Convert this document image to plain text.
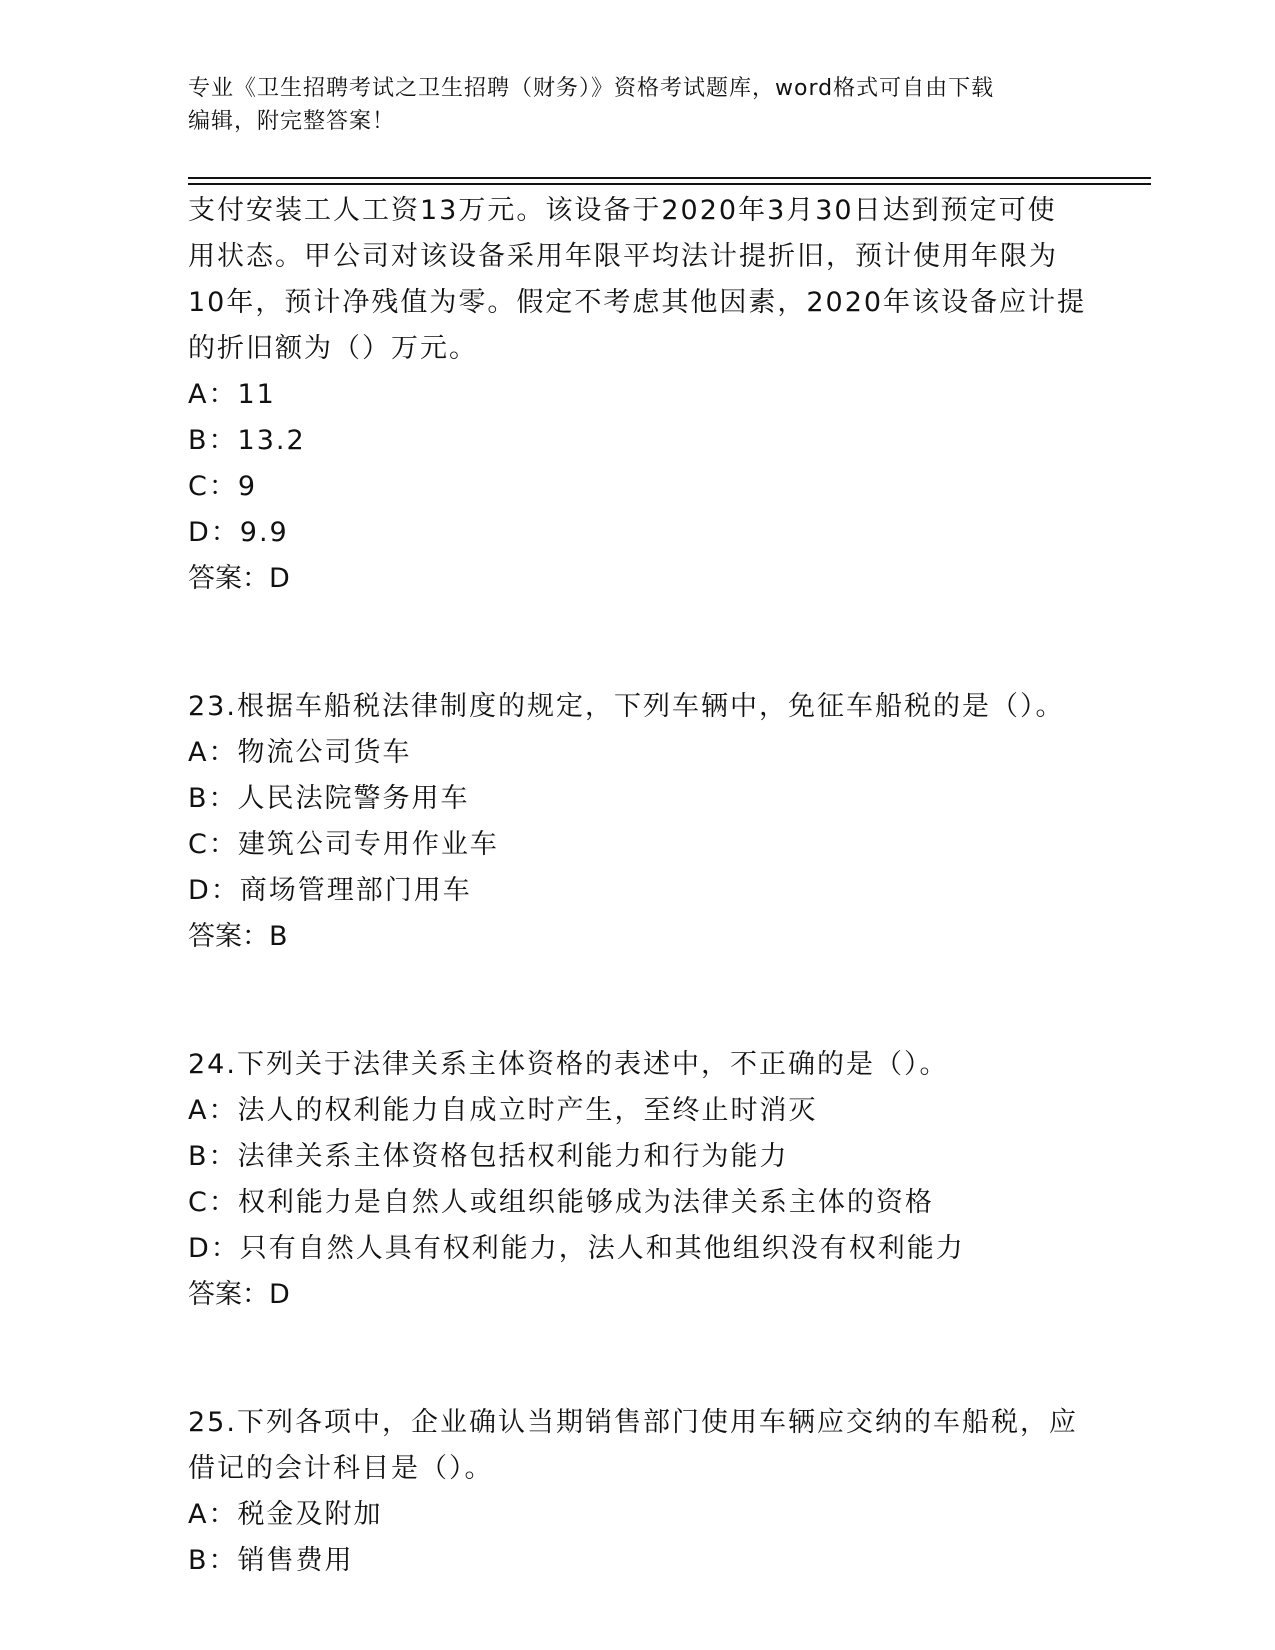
专业《卫生招聘考试之卫生招聘（财务）》资格考试题库，word格式可自由下载
编辑，附完整答案！
支付安装工人工资13万元。该设备于2020年3月30日达到预定可使
用状态。甲公司对该设备采用年限平均法计提折旧，预计使用年限为
10年，预计净残值为零。假定不考虑其他因素，2020年该设备应计提
的折旧额为（）万元。
A：11
B：13.2
C：9
D：9.9
答案：D
23.根据车船税法律制度的规定，下列车辆中，免征车船税的是（）。
A：物流公司货车
B：人民法院警务用车
C：建筑公司专用作业车
D：商场管理部门用车
答案：B
24.下列关于法律关系主体资格的表述中，不正确的是（）。
A：法人的权利能力自成立时产生，至终止时消灭
B：法律关系主体资格包括权利能力和行为能力
C：权利能力是自然人或组织能够成为法律关系主体的资格
D：只有自然人具有权利能力，法人和其他组织没有权利能力
答案：D
25.下列各项中，企业确认当期销售部门使用车辆应交纳的车船税，应
借记的会计科目是（）。
A：税金及附加
B：销售费用
